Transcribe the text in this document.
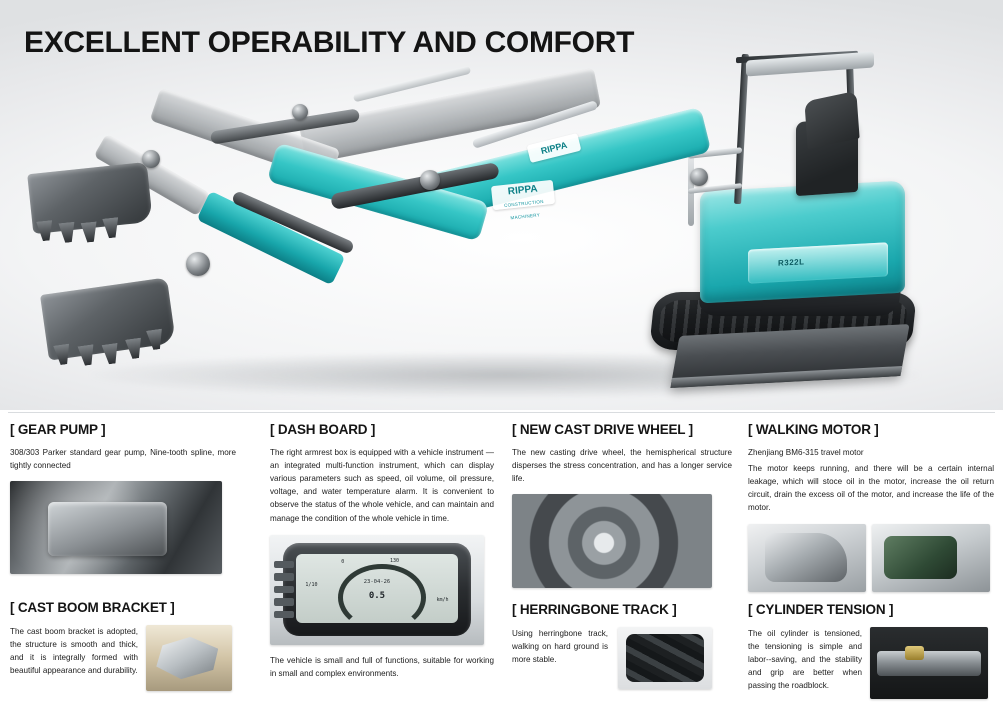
R322L
RIPPA
RIPPA CONSTRUCTION MACHINERY
EXCELLENT OPERABILITY AND COMFORT
[ GEAR PUMP ]
308/303 Parker standard gear pump, Nine-tooth spline, more tightly connected
[ CAST BOOM BRACKET ]
The cast boom bracket is adopted, the structure is smooth and thick, and it is integrally formed with beautiful appearance and durability.
[ DASH BOARD ]
The right armrest box is equipped with a vehicle instrument —an integrated multi-function instrument, which can display various parameters such as speed, oil volume, oil pressure, voltage, and water temperature alarm. It is convenient to observe the status of the whole vehicle, and can maintain and manage the condition of the whole vehicle in time.
0	130
1/10
km/h
23-04-26
0.5
The vehicle is small and full of functions, suitable for working in small and complex environments.
[ NEW CAST DRIVE WHEEL ]
The new casting drive wheel, the hemispherical structure disperses the stress concentration, and has a longer service life.
[ HERRINGBONE TRACK ]
Using herringbone track, walking on hard ground is more stable.
[ WALKING MOTOR ]
Zhenjiang BM6-315 travel motor
The motor keeps running, and there will be a certain internal leakage, which will stoce oil in the motor, increase the oil return circuit, drain the excess oil of the motor, and increase the life of the motor.
[ CYLINDER TENSION ]
The oil cylinder is tensioned, the tensioning is simple and labor--saving, and the stability and grip are better when passing the roadblock.
